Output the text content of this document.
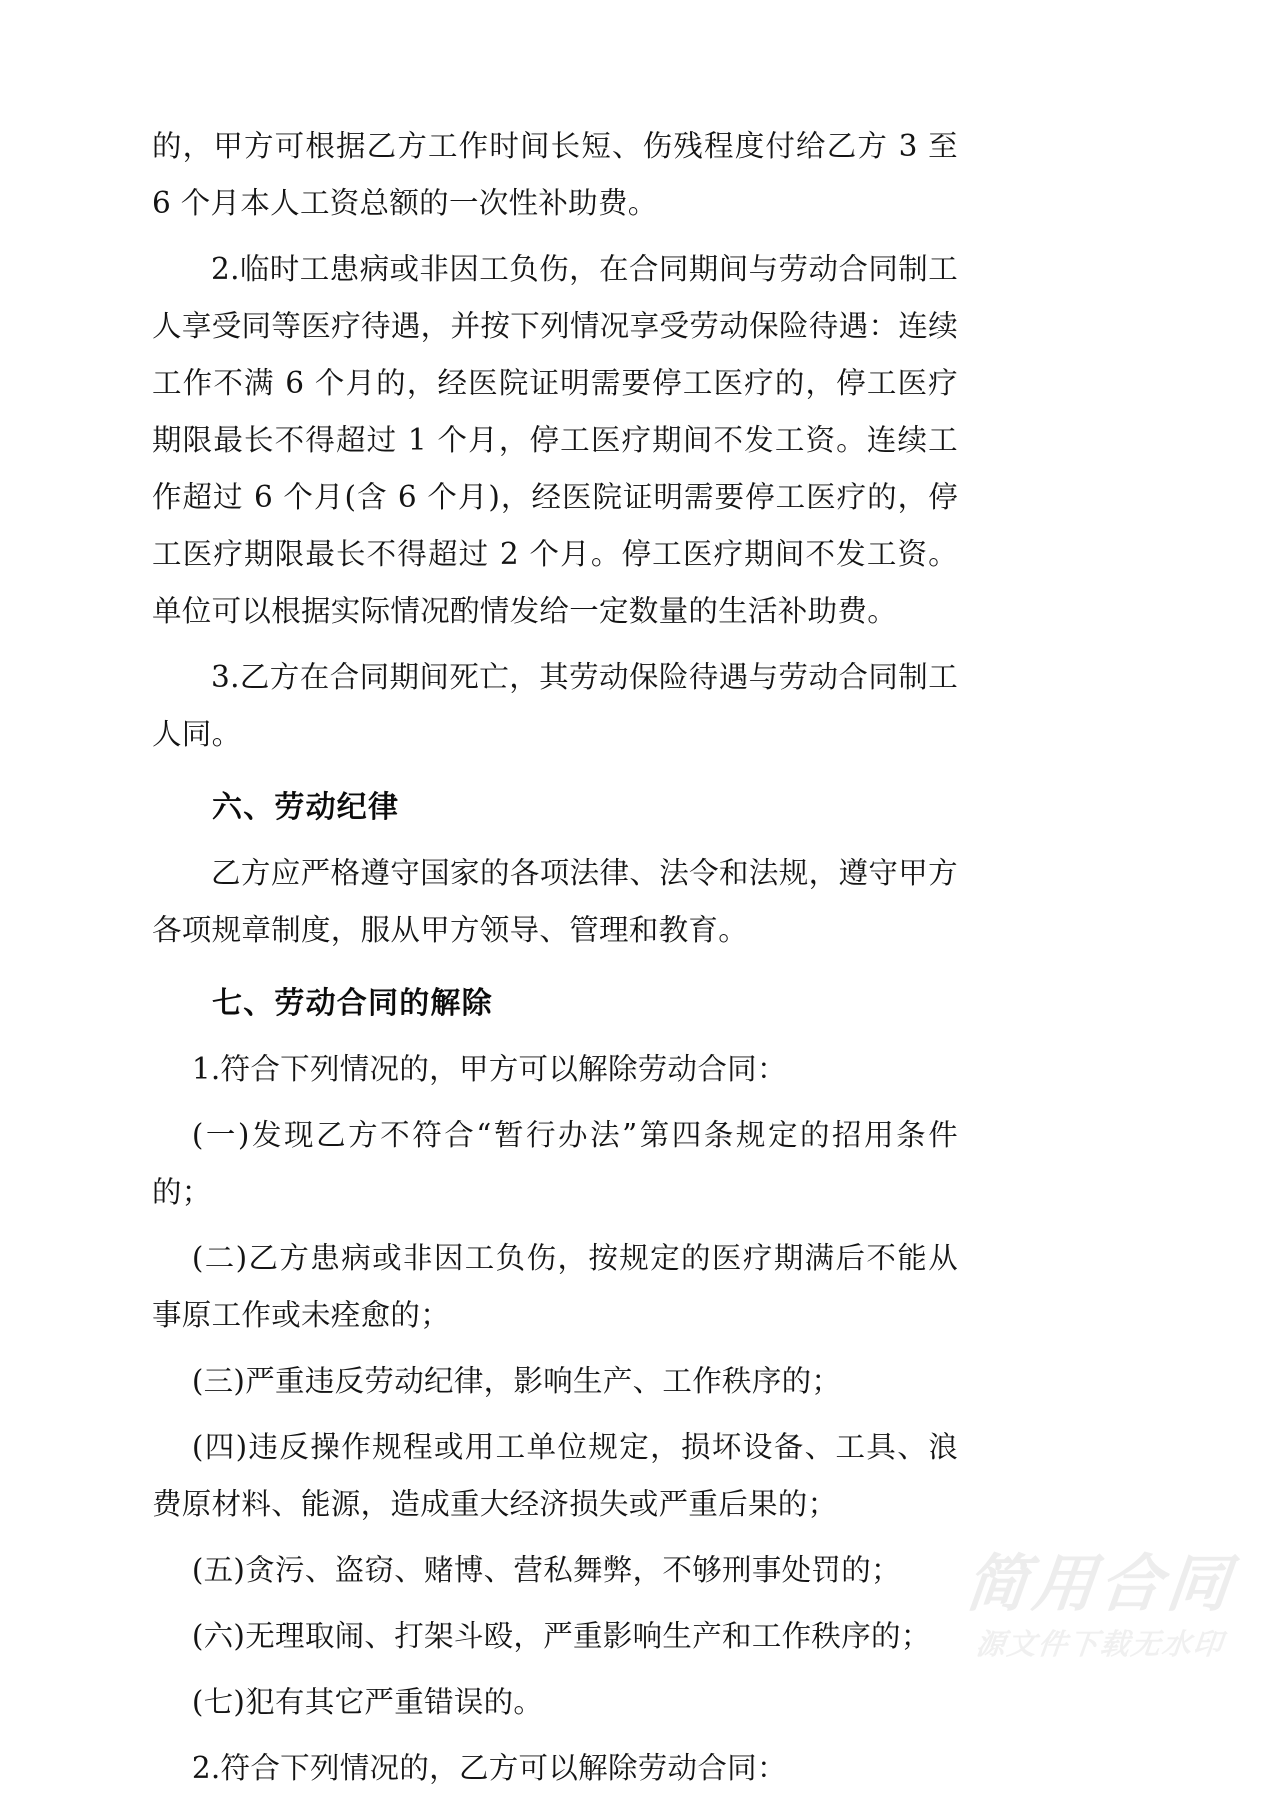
的，甲方可根据乙方工作时间长短、伤残程度付给乙方 3 至 6 个月本人工资总额的一次性补助费。

2.临时工患病或非因工负伤，在合同期间与劳动合同制工人享受同等医疗待遇，并按下列情况享受劳动保险待遇：连续工作不满 6 个月的，经医院证明需要停工医疗的，停工医疗期限最长不得超过 1 个月，停工医疗期间不发工资。连续工作超过 6 个月(含 6 个月)，经医院证明需要停工医疗的，停工医疗期限最长不得超过 2 个月。停工医疗期间不发工资。单位可以根据实际情况酌情发给一定数量的生活补助费。

3.乙方在合同期间死亡，其劳动保险待遇与劳动合同制工人同。

六、劳动纪律

乙方应严格遵守国家的各项法律、法令和法规，遵守甲方各项规章制度，服从甲方领导、管理和教育。

七、劳动合同的解除

1.符合下列情况的，甲方可以解除劳动合同：

(一)发现乙方不符合“暂行办法”第四条规定的招用条件的；

(二)乙方患病或非因工负伤，按规定的医疗期满后不能从事原工作或未痊愈的；

(三)严重违反劳动纪律，影响生产、工作秩序的；

(四)违反操作规程或用工单位规定，损坏设备、工具、浪费原材料、能源，造成重大经济损失或严重后果的；

(五)贪污、盗窃、赌博、营私舞弊，不够刑事处罚的；

(六)无理取闹、打架斗殴，严重影响生产和工作秩序的；

(七)犯有其它严重错误的。

2.符合下列情况的，乙方可以解除劳动合同：

简用合同
源文件下载无水印
